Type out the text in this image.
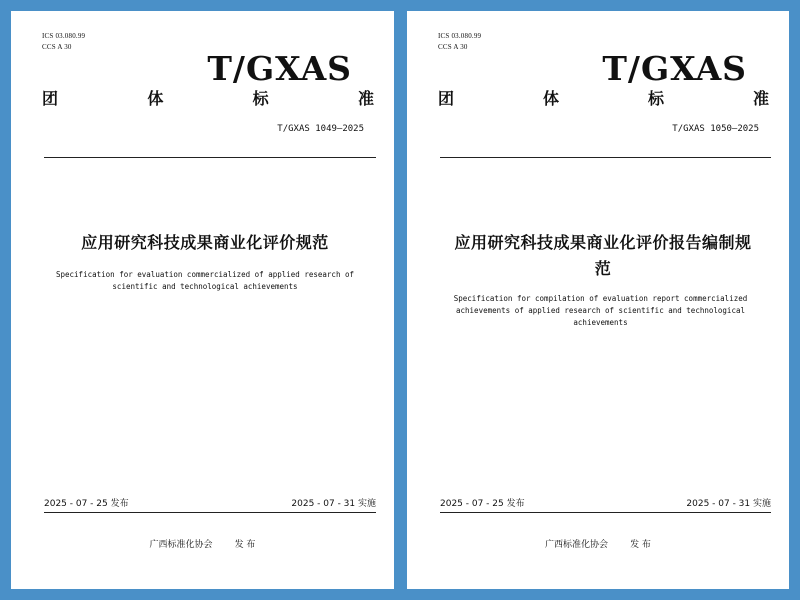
ICS 03.080.99
CCS A 30
T/GXAS
团	体	标	准
T/GXAS 1049—2025
应用研究科技成果商业化评价规范
Specification for evaluation commercialized of applied research of scientific and technological achievements
2025 - 07 - 25 发布	2025 - 07 - 31 实施
广西标准化协会 发 布
ICS 03.080.99
CCS A 30
T/GXAS
团	体	标	准
T/GXAS 1050—2025
应用研究科技成果商业化评价报告编制规范
Specification for compilation of evaluation report commercialized achievements of applied research of scientific and technological achievements
2025 - 07 - 25 发布	2025 - 07 - 31 实施
广西标准化协会 发 布
